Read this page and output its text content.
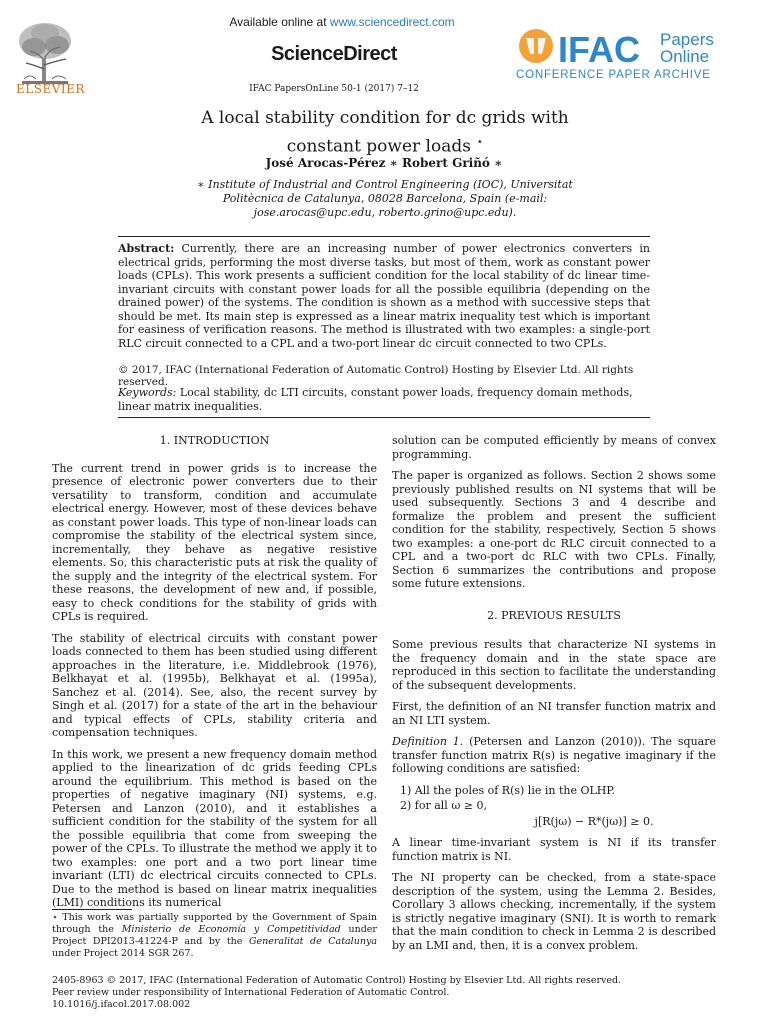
Available online at www.sciencedirect.com
ScienceDirect
IFAC PapersOnLine 50-1 (2017) 7–12
ELSEVIER
IFAC Papers
Online
CONFERENCE PAPER ARCHIVE
A local stability condition for dc grids with
constant power loads ⋆
José Arocas-Pérez ∗ Robert Griñó ∗
∗ Institute of Industrial and Control Engineering (IOC), Universitat
Politècnica de Catalunya, 08028 Barcelona, Spain (e-mail:
jose.arocas@upc.edu, roberto.grino@upc.edu).
Abstract: Currently, there are an increasing number of power electronics converters in electrical grids, performing the most diverse tasks, but most of them, work as constant power loads (CPLs). This work presents a sufficient condition for the local stability of dc linear time-invariant circuits with constant power loads for all the possible equilibria (depending on the drained power) of the systems. The condition is shown as a method with successive steps that should be met. Its main step is expressed as a linear matrix inequality test which is important for easiness of verification reasons. The method is illustrated with two examples: a single-port RLC circuit connected to a CPL and a two-port linear dc circuit connected to two CPLs.
© 2017, IFAC (International Federation of Automatic Control) Hosting by Elsevier Ltd. All rights reserved.
Keywords: Local stability, dc LTI circuits, constant power loads, frequency domain methods, linear matrix inequalities.
1. INTRODUCTION

The current trend in power grids is to increase the presence of electronic power converters due to their versatility to transform, condition and accumulate electrical energy. However, most of these devices behave as constant power loads. This type of non-linear loads can compromise the stability of the electrical system since, incrementally, they behave as negative resistive elements. So, this characteristic puts at risk the quality of the supply and the integrity of the electrical system. For these reasons, the development of new and, if possible, easy to check conditions for the stability of grids with CPLs is required.

The stability of electrical circuits with constant power loads connected to them has been studied using different approaches in the literature, i.e. Middlebrook (1976), Belkhayat et al. (1995b), Belkhayat et al. (1995a), Sanchez et al. (2014). See, also, the recent survey by Singh et al. (2017) for a state of the art in the behaviour and typical effects of CPLs, stability criteria and compensation techniques.

In this work, we present a new frequency domain method applied to the linearization of dc grids feeding CPLs around the equilibrium. This method is based on the properties of negative imaginary (NI) systems, e.g. Petersen and Lanzon (2010), and it establishes a sufficient condition for the stability of the system for all the possible equilibria that come from sweeping the power of the CPLs. To illustrate the method we apply it to two examples: one port and a two port linear time invariant (LTI) dc electrical circuits connected to CPLs. Due to the method is based on linear matrix inequalities (LMI) conditions its numerical

⋆ This work was partially supported by the Government of Spain through the Ministerio de Economía y Competitividad under Project DPI2013-41224-P and by the Generalitat de Catalunya under Project 2014 SGR 267.

solution can be computed efficiently by means of convex programming.

The paper is organized as follows. Section 2 shows some previously published results on NI systems that will be used subsequently. Sections 3 and 4 describe and formalize the problem and present the sufficient condition for the stability, respectively, Section 5 shows two examples: a one-port dc RLC circuit connected to a CPL and a two-port dc RLC with two CPLs. Finally, Section 6 summarizes the contributions and propose some future extensions.

2. PREVIOUS RESULTS

Some previous results that characterize NI systems in the frequency domain and in the state space are reproduced in this section to facilitate the understanding of the subsequent developments.

First, the definition of an NI transfer function matrix and an NI LTI system.

Definition 1. (Petersen and Lanzon (2010)). The square transfer function matrix R(s) is negative imaginary if the following conditions are satisfied:

1) All the poles of R(s) lie in the OLHP.
2) for all ω ≥ 0,
j[R(jω) − R*(jω)] ≥ 0.

A linear time-invariant system is NI if its transfer function matrix is NI.

The NI property can be checked, from a state-space description of the system, using the Lemma 2. Besides, Corollary 3 allows checking, incrementally, if the system is strictly negative imaginary (SNI). It is worth to remark that the main condition to check in Lemma 2 is described by an LMI and, then, it is a convex problem.

2405-8963 © 2017, IFAC (International Federation of Automatic Control) Hosting by Elsevier Ltd. All rights reserved.
Peer review under responsibility of International Federation of Automatic Control.
10.1016/j.ifacol.2017.08.002
